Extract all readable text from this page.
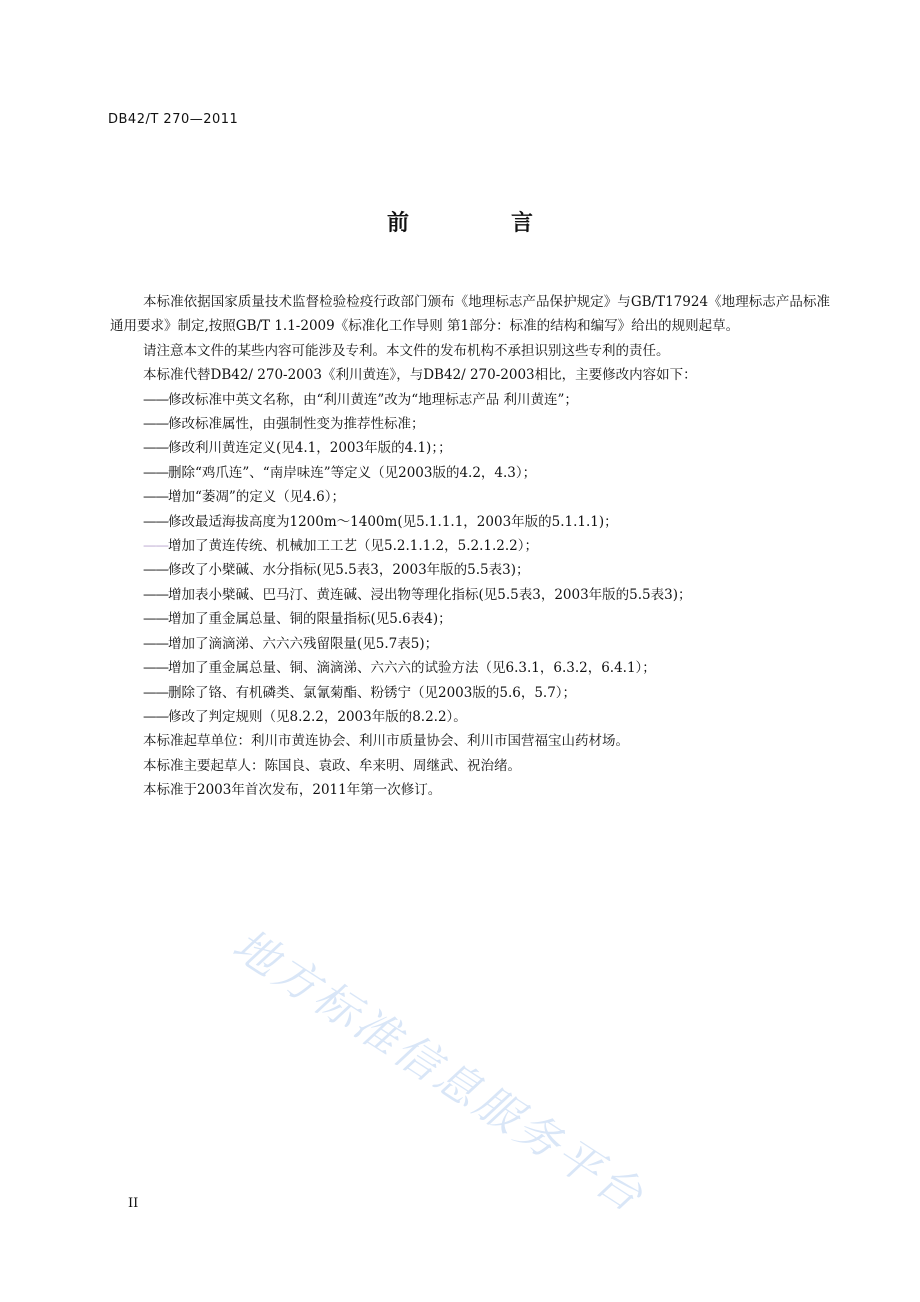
DB42/T 270—2011
前　言

本标准依据国家质量技术监督检验检疫行政部门颁布《地理标志产品保护规定》与GB/T17924《地理标志产品标准通用要求》制定,按照GB/T 1.1-2009《标准化工作导则 第1部分：标准的结构和编写》给出的规则起草。

请注意本文件的某些内容可能涉及专利。本文件的发布机构不承担识别这些专利的责任。

本标准代替DB42/ 270-2003《利川黄连》，与DB42/ 270-2003相比，主要修改内容如下：

——修改标准中英文名称，由“利川黄连”改为“地理标志产品 利川黄连”；

——修改标准属性，由强制性变为推荐性标准；

——修改利川黄连定义(见4.1，2003年版的4.1)；；

——删除“鸡爪连”、“南岸味连”等定义（见2003版的4.2，4.3）；

——增加“萎凋”的定义（见4.6）；

——修改最适海拔高度为1200m～1400m(见5.1.1.1，2003年版的5.1.1.1)；

——增加了黄连传统、机械加工工艺（见5.2.1.1.2，5.2.1.2.2）；

——修改了小檗碱、水分指标(见5.5表3，2003年版的5.5表3)；

——增加表小檗碱、巴马汀、黄连碱、浸出物等理化指标(见5.5表3，2003年版的5.5表3)；

——增加了重金属总量、铜的限量指标(见5.6表4)；

——增加了滴滴涕、六六六残留限量(见5.7表5)；

——增加了重金属总量、铜、滴滴涕、六六六的试验方法（见6.3.1，6.3.2，6.4.1）；

——删除了铬、有机磷类、氯氰菊酯、粉锈宁（见2003版的5.6，5.7）；

——修改了判定规则（见8.2.2，2003年版的8.2.2）。

本标准起草单位：利川市黄连协会、利川市质量协会、利川市国营福宝山药材场。

本标准主要起草人：陈国良、袁政、牟来明、周继武、祝治绪。

本标准于2003年首次发布，2011年第一次修订。

地方标准信息服务平台
II
